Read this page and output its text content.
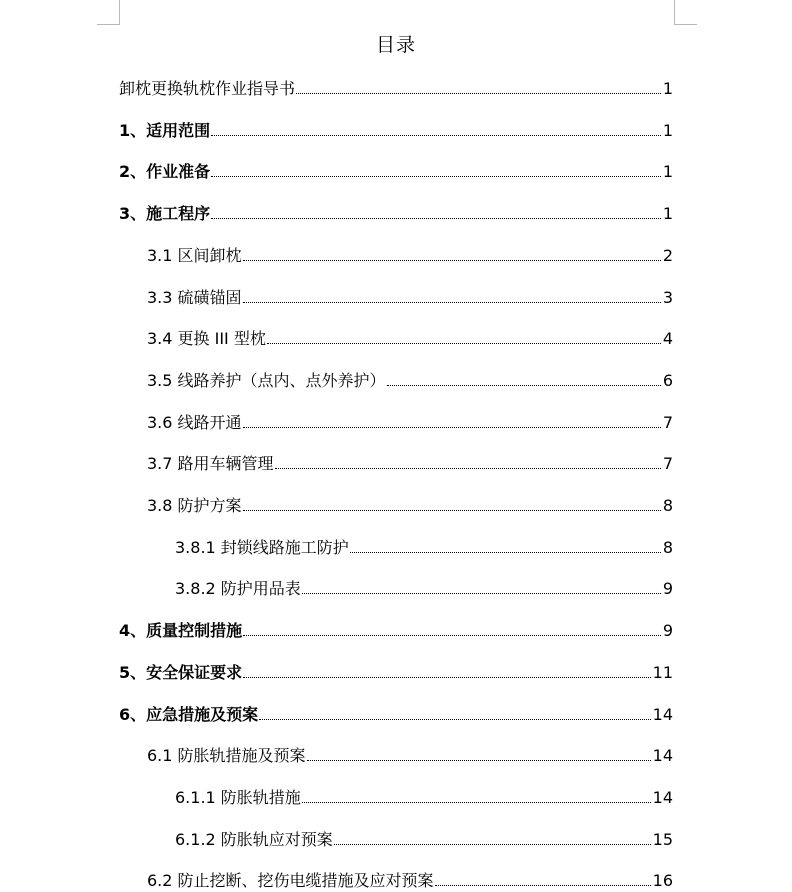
目录
卸枕更换轨枕作业指导书	1
1、适用范围	1
2、作业准备	1
3、施工程序	1
3.1 区间卸枕	2
3.3 硫磺锚固	3
3.4 更换 III 型枕	4
3.5 线路养护（点内、点外养护）	6
3.6 线路开通	7
3.7 路用车辆管理	7
3.8 防护方案	8
3.8.1 封锁线路施工防护	8
3.8.2 防护用品表	9
4、质量控制措施	9
5、安全保证要求	11
6、应急措施及预案	14
6.1 防胀轨措施及预案	14
6.1.1 防胀轨措施	14
6.1.2 防胀轨应对预案	15
6.2 防止挖断、挖伤电缆措施及应对预案	16
